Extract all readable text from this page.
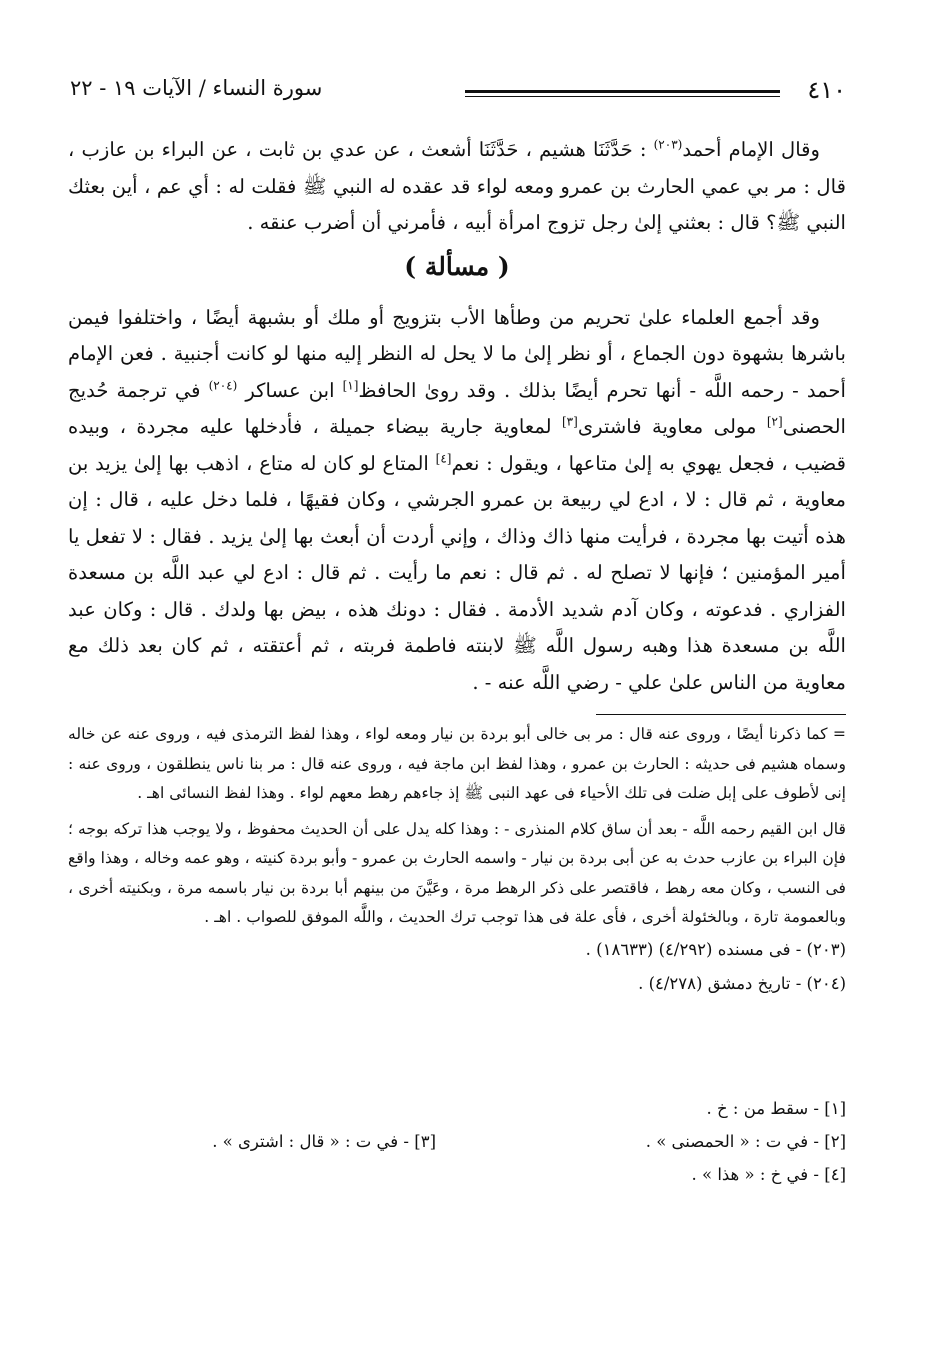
٤١٠
سورة النساء / الآيات ١٩ - ٢٢

وقال الإمام أحمد$^{(٢٠٣)}$ : حَدَّثَنَا هشيم ، حَدَّثَنَا أشعث ، عن عدي بن ثابت ، عن البراء بن عازب ، قال : مر بي عمي الحارث بن عمرو ومعه لواء قد عقده له النبي ﷺ فقلت له : أي عم ، أين بعثك النبي ﷺ؟ قال : بعثني إلىٰ رجل تزوج امرأة أبيه ، فأمرني أن أضرب عنقه .

( مسألة )

وقد أجمع العلماء علىٰ تحريم من وطأها الأب بتزويج أو ملك أو بشبهة أيضًا ، واختلفوا فيمن باشرها بشهوة دون الجماع ، أو نظر إلىٰ ما لا يحل له النظر إليه منها لو كانت أجنبية . فعن الإمام أحمد - رحمه اللَّه - أنها تحرم أيضًا بذلك . وقد روىٰ الحافظ[١] ابن عساكر $^{(٢٠٤)}$ في ترجمة حُديج الحصنى[٢] مولى معاوية فاشترى[٣] لمعاوية جارية بيضاء جميلة ، فأدخلها عليه مجردة ، وبيده قضيب ، فجعل يهوي به إلىٰ متاعها ، ويقول : نعم[٤] المتاع لو كان له متاع ، اذهب بها إلىٰ يزيد بن معاوية ، ثم قال : لا ، ادع لي ربيعة بن عمرو الجرشي ، وكان فقيهًا ، فلما دخل عليه ، قال : إن هذه أتيت بها مجردة ، فرأيت منها ذاك وذاك ، وإني أردت أن أبعث بها إلىٰ يزيد . فقال : لا تفعل يا أمير المؤمنين ؛ فإنها لا تصلح له . ثم قال : نعم ما رأيت . ثم قال : ادع لي عبد اللَّه بن مسعدة الفزاري . فدعوته ، وكان آدم شديد الأدمة . فقال : دونك هذه ، بيض بها ولدك . قال : وكان عبد اللَّه بن مسعدة هذا وهبه رسول اللَّه ﷺ لابنته فاطمة فربته ، ثم أعتقته ، ثم كان بعد ذلك مع معاوية من الناس علىٰ علي - رضي اللَّه عنه - .

= كما ذكرنا أيضًا ، وروى عنه قال : مر بى خالى أبو بردة بن نيار ومعه لواء ، وهذا لفظ الترمذى فيه ، وروى عنه عن خاله وسماه هشيم فى حديثه : الحارث بن عمرو ، وهذا لفظ ابن ماجة فيه ، وروى عنه قال : مر بنا ناس ينطلقون ، وروى عنه : إنى لأطوف على إبل ضلت فى تلك الأحياء فى عهد النبى ﷺ إذ جاءهم رهط معهم لواء . وهذا لفظ النسائى اهـ .

قال ابن القيم رحمه اللَّه - بعد أن ساق كلام المنذرى - : وهذا كله يدل على أن الحديث محفوظ ، ولا يوجب هذا تركه بوجه ؛ فإن البراء بن عازب حدث به عن أبى بردة بن نيار - واسمه الحارث بن عمرو - وأبو بردة كنيته ، وهو عمه وخاله ، وهذا واقع فى النسب ، وكان معه رهط ، فاقتصر على ذكر الرهط مرة ، وعَيَّنَ من بينهم أبا بردة بن نيار باسمه مرة ، وبكنيته أخرى ، وبالعمومة تارة ، وبالخئولة أخرى ، فأى علة فى هذا توجب ترك الحديث ، واللَّه الموفق للصواب . اهـ .

(٢٠٣) - فى مسنده (٤/٢٩٢) (١٨٦٣٣) .

(٢٠٤) - تاريخ دمشق (٤/٢٧٨) .

[١] - سقط من : خ .
[٢] - في ت : « الحمصنى » .
[٣] - في ت : « قال : اشترى » .
[٤] - في خ : « هذا » .
